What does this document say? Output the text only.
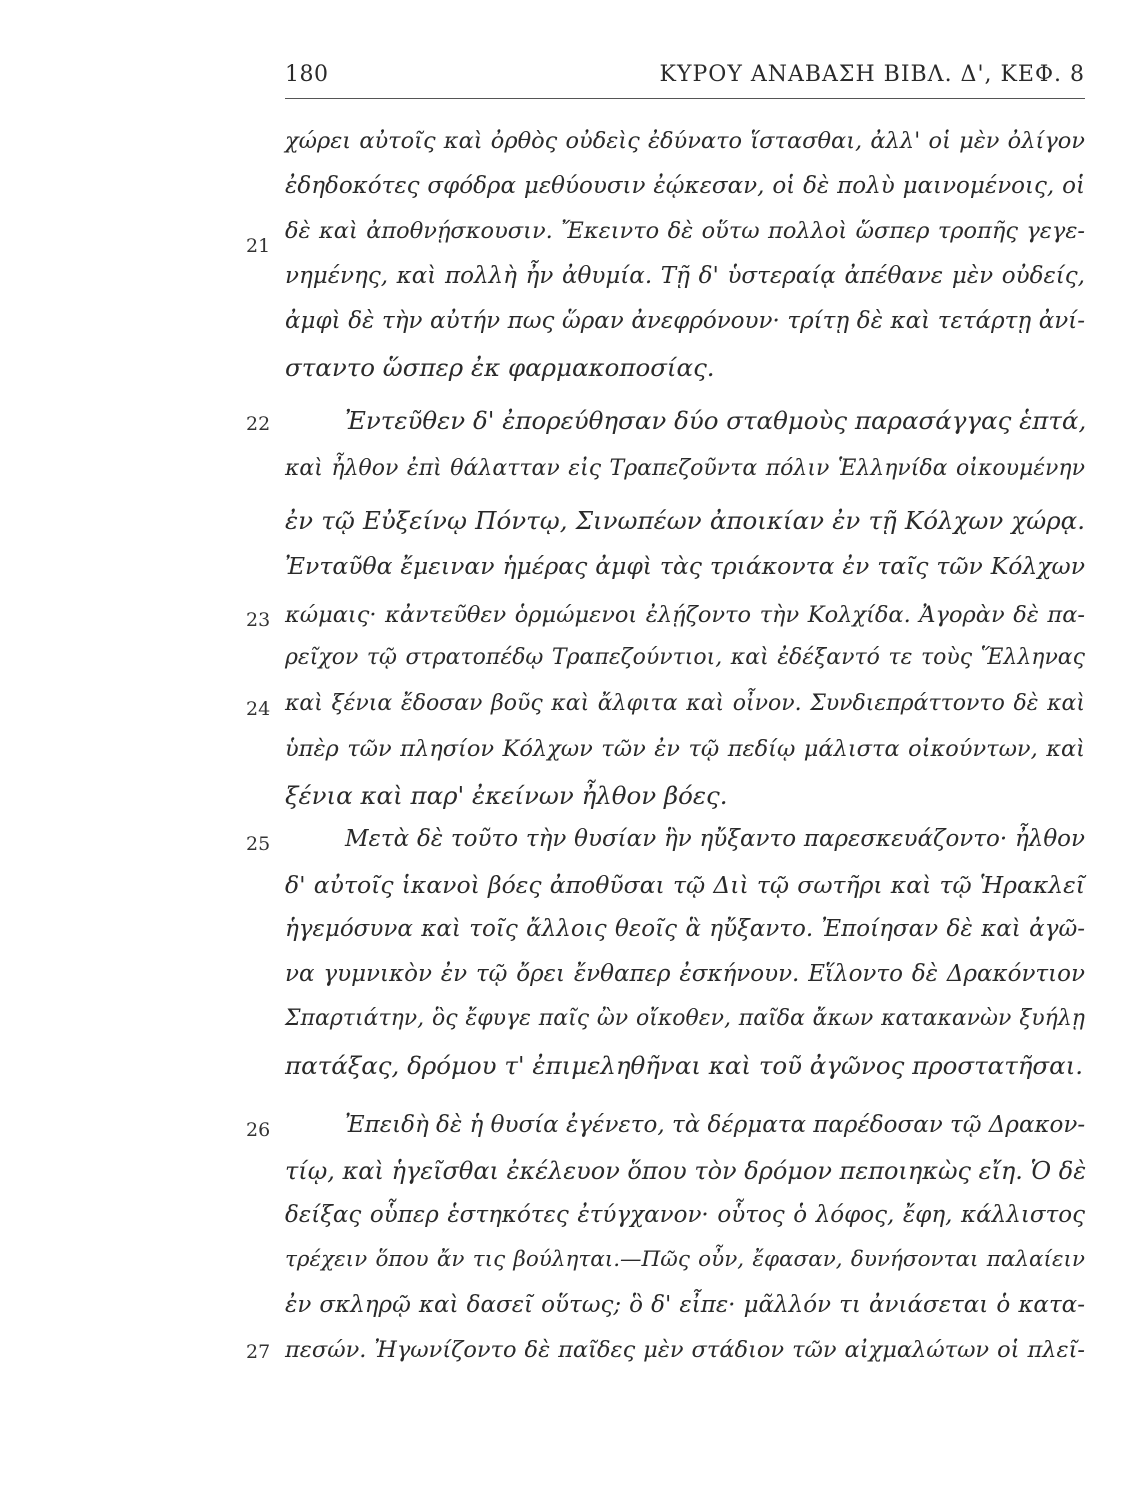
180	ΚΥΡΟΥ ΑΝΑΒΑΣΗ ΒΙΒΛ. Δ', ΚΕΦ. 8
21
22
23
24
25
26
27
χώρει αὐτοῖς καὶ ὀρθὸς οὐδεὶς ἐδύνατο ἵστασθαι, ἀλλ' οἱ μὲν ὀλίγον
ἐδηδοκότες σφόδρα μεθύουσιν ἐῴκεσαν, οἱ δὲ πολὺ μαινομένοις, οἱ
δὲ καὶ ἀποθνῄσκουσιν. Ἔκειντο δὲ οὕτω πολλοὶ ὥσπερ τροπῆς γεγε-
νημένης, καὶ πολλὴ ἦν ἀθυμία. Τῇ δ' ὑστεραίᾳ ἀπέθανε μὲν οὐδείς,
ἀμφὶ δὲ τὴν αὐτήν πως ὥραν ἀνεφρόνουν· τρίτῃ δὲ καὶ τετάρτῃ ἀνί-
σταντο ὥσπερ ἐκ φαρμακοποσίας.
Ἐντεῦθεν δ' ἐπορεύθησαν δύο σταθμοὺς παρασάγγας ἑπτά,
καὶ ἦλθον ἐπὶ θάλατταν εἰς Τραπεζοῦντα πόλιν Ἑλληνίδα οἰκουμένην
ἐν τῷ Εὐξείνῳ Πόντῳ, Σινωπέων ἀποικίαν ἐν τῇ Κόλχων χώρᾳ.
Ἐνταῦθα ἔμειναν ἡμέρας ἀμφὶ τὰς τριάκοντα ἐν ταῖς τῶν Κόλχων
κώμαις· κἀντεῦθεν ὁρμώμενοι ἐλῄζοντο τὴν Κολχίδα. Ἀγορὰν δὲ πα-
ρεῖχον τῷ στρατοπέδῳ Τραπεζούντιοι, καὶ ἐδέξαντό τε τοὺς Ἕλληνας
καὶ ξένια ἔδοσαν βοῦς καὶ ἄλφιτα καὶ οἶνον. Συνδιεπράττοντο δὲ καὶ
ὑπὲρ τῶν πλησίον Κόλχων τῶν ἐν τῷ πεδίῳ μάλιστα οἰκούντων, καὶ
ξένια καὶ παρ' ἐκείνων ἦλθον βόες.
Μετὰ δὲ τοῦτο τὴν θυσίαν ἣν ηὔξαντο παρεσκευάζοντο· ἦλθον
δ' αὐτοῖς ἱκανοὶ βόες ἀποθῦσαι τῷ Διὶ τῷ σωτῆρι καὶ τῷ Ἡρακλεῖ
ἡγεμόσυνα καὶ τοῖς ἄλλοις θεοῖς ἃ ηὔξαντο. Ἐποίησαν δὲ καὶ ἀγῶ-
να γυμνικὸν ἐν τῷ ὄρει ἔνθαπερ ἐσκήνουν. Εἵλοντο δὲ Δρακόντιον
Σπαρτιάτην, ὃς ἔφυγε παῖς ὢν οἴκοθεν, παῖδα ἄκων κατακανὼν ξυήλῃ
πατάξας, δρόμου τ' ἐπιμεληθῆναι καὶ τοῦ ἀγῶνος προστατῆσαι.
Ἐπειδὴ δὲ ἡ θυσία ἐγένετο, τὰ δέρματα παρέδοσαν τῷ Δρακον-
τίῳ, καὶ ἡγεῖσθαι ἐκέλευον ὅπου τὸν δρόμον πεποιηκὼς εἴη. Ὁ δὲ
δείξας οὗπερ ἑστηκότες ἐτύγχανον· οὗτος ὁ λόφος, ἔφη, κάλλιστος
τρέχειν ὅπου ἄν τις βούληται.—Πῶς οὖν, ἔφασαν, δυνήσονται παλαίειν
ἐν σκληρῷ καὶ δασεῖ οὕτως; ὃ δ' εἶπε· μᾶλλόν τι ἀνιάσεται ὁ κατα-
πεσών. Ἠγωνίζοντο δὲ παῖδες μὲν στάδιον τῶν αἰχμαλώτων οἱ πλεῖ-
